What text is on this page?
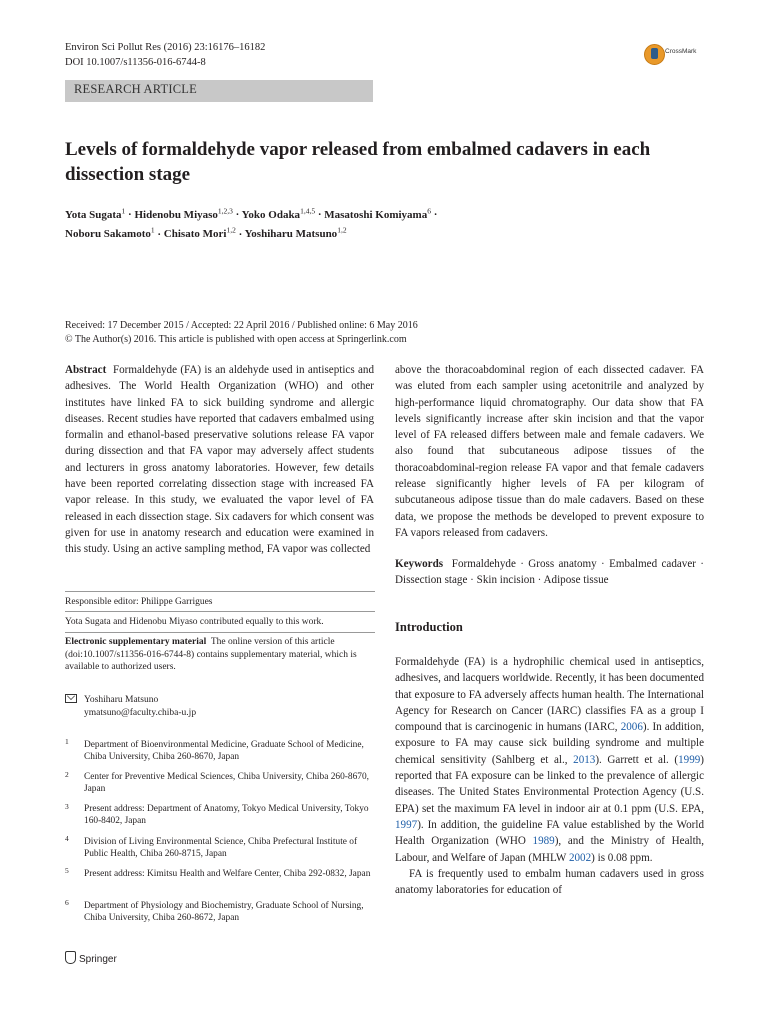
Environ Sci Pollut Res (2016) 23:16176–16182
DOI 10.1007/s11356-016-6744-8
CrossMark
RESEARCH ARTICLE
Levels of formaldehyde vapor released from embalmed cadavers in each dissection stage
Yota Sugata$^1$ · Hidenobu Miyaso$^{1,2,3}$ · Yoko Odaka$^{1,4,5}$ · Masatoshi Komiyama$^6$ ·
Noboru Sakamoto$^1$ · Chisato Mori$^{1,2}$ · Yoshiharu Matsuno$^{1,2}$
Received: 17 December 2015 / Accepted: 22 April 2016 / Published online: 6 May 2016
© The Author(s) 2016. This article is published with open access at Springerlink.com
Abstract Formaldehyde (FA) is an aldehyde used in antiseptics and adhesives. The World Health Organization (WHO) and other institutes have linked FA to sick building syndrome and allergic diseases. Recent studies have reported that cadavers embalmed using formalin and ethanol-based preservative solutions release FA vapor during dissection and that FA vapor may adversely affect students and lecturers in gross anatomy laboratories. However, few details have been reported correlating dissection stage with increased FA vapor release. In this study, we evaluated the vapor level of FA released in each dissection stage. Six cadavers for which consent was given for use in anatomy research and education were examined in this study. Using an active sampling method, FA vapor was collected
Responsible editor: Philippe Garrigues
Yota Sugata and Hidenobu Miyaso contributed equally to this work.
Electronic supplementary material The online version of this article (doi:10.1007/s11356-016-6744-8) contains supplementary material, which is available to authorized users.
Yoshiharu Matsuno
ymatsuno@faculty.chiba-u.jp
1 Department of Bioenvironmental Medicine, Graduate School of Medicine, Chiba University, Chiba 260-8670, Japan
2 Center for Preventive Medical Sciences, Chiba University, Chiba 260-8670, Japan
3 Present address: Department of Anatomy, Tokyo Medical University, Tokyo 160-8402, Japan
4 Division of Living Environmental Science, Chiba Prefectural Institute of Public Health, Chiba 260-8715, Japan
5 Present address: Kimitsu Health and Welfare Center, Chiba 292-0832, Japan
6 Department of Physiology and Biochemistry, Graduate School of Nursing, Chiba University, Chiba 260-8672, Japan
above the thoracoabdominal region of each dissected cadaver. FA was eluted from each sampler using acetonitrile and analyzed by high-performance liquid chromatography. Our data show that FA levels significantly increase after skin incision and that the vapor level of FA released differs between male and female cadavers. We also found that subcutaneous adipose tissues of the thoracoabdominal-region release FA vapor and that female cadavers release significantly higher levels of FA per kilogram of subcutaneous adipose tissue than do male cadavers. Based on these data, we propose the methods be developed to prevent exposure to FA vapors released from cadavers.
Keywords Formaldehyde · Gross anatomy · Embalmed cadaver · Dissection stage · Skin incision · Adipose tissue
Introduction
Formaldehyde (FA) is a hydrophilic chemical used in antiseptics, adhesives, and lacquers worldwide. Recently, it has been documented that exposure to FA adversely affects human health. The International Agency for Research on Cancer (IARC) classifies FA as a group I compound that is carcinogenic in humans (IARC, 2006). In addition, exposure to FA may cause sick building syndrome and multiple chemical sensitivity (Sahlberg et al., 2013). Garrett et al. (1999) reported that FA exposure can be linked to the prevalence of allergic diseases. The United States Environmental Protection Agency (U.S. EPA) set the maximum FA level in indoor air at 0.1 ppm (U.S. EPA, 1997). In addition, the guideline FA value established by the World Health Organization (WHO 1989), and the Ministry of Health, Labour, and Welfare of Japan (MHLW 2002) is 0.08 ppm.
FA is frequently used to embalm human cadavers used in gross anatomy laboratories for education of
Springer
